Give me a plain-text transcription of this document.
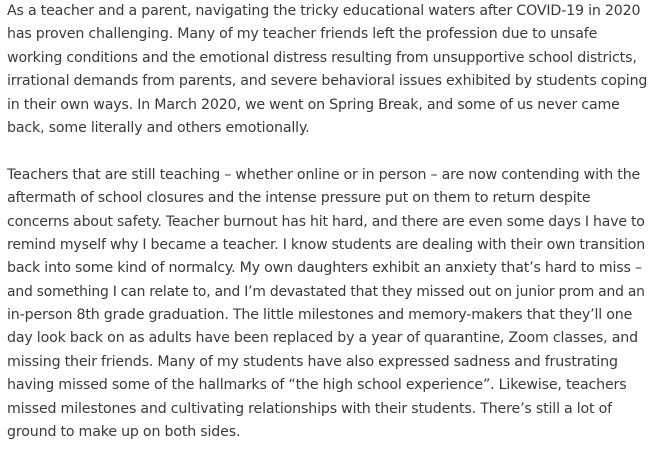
As a teacher and a parent, navigating the tricky educational waters after COVID-19 in 2020
has proven challenging. Many of my teacher friends left the profession due to unsafe
working conditions and the emotional distress resulting from unsupportive school districts,
irrational demands from parents, and severe behavioral issues exhibited by students coping
in their own ways. In March 2020, we went on Spring Break, and some of us never came
back, some literally and others emotionally.

Teachers that are still teaching – whether online or in person – are now contending with the
aftermath of school closures and the intense pressure put on them to return despite
concerns about safety. Teacher burnout has hit hard, and there are even some days I have to
remind myself why I became a teacher. I know students are dealing with their own transition
back into some kind of normalcy. My own daughters exhibit an anxiety that’s hard to miss –
and something I can relate to, and I’m devastated that they missed out on junior prom and an
in-person 8th grade graduation. The little milestones and memory-makers that they’ll one
day look back on as adults have been replaced by a year of quarantine, Zoom classes, and
missing their friends. Many of my students have also expressed sadness and frustrating
having missed some of the hallmarks of “the high school experience”. Likewise, teachers
missed milestones and cultivating relationships with their students. There’s still a lot of
ground to make up on both sides.
